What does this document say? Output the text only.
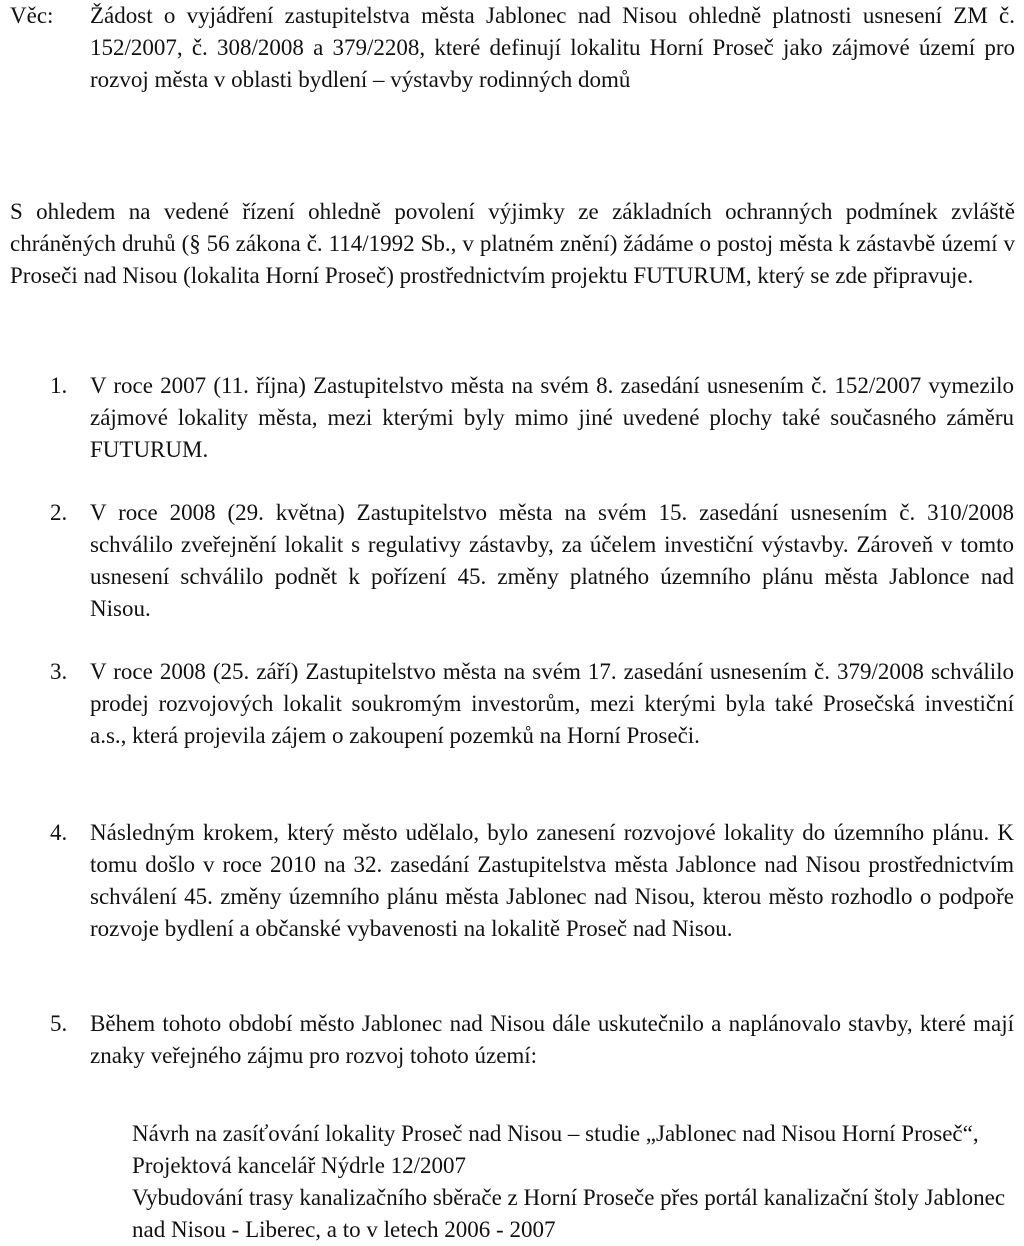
Věc:	Žádost o vyjádření zastupitelstva města Jablonec nad Nisou ohledně platnosti usnesení ZM č. 152/2007, č. 308/2008 a 379/2208, které definují lokalitu Horní Proseč jako zájmové území pro rozvoj města v oblasti bydlení – výstavby rodinných domů
S ohledem na vedené řízení ohledně povolení výjimky ze základních ochranných podmínek zvláště chráněných druhů (§ 56 zákona č. 114/1992 Sb., v platném znění) žádáme o postoj města k zástavbě území v Proseči nad Nisou (lokalita Horní Proseč) prostřednictvím projektu FUTURUM, který se zde připravuje.
1. V roce 2007 (11. října) Zastupitelstvo města na svém 8. zasedání usnesením č. 152/2007 vymezilo zájmové lokality města, mezi kterými byly mimo jiné uvedené plochy také současného záměru FUTURUM.
2. V roce 2008 (29. května) Zastupitelstvo města na svém 15. zasedání usnesením č. 310/2008 schválilo zveřejnění lokalit s regulativy zástavby, za účelem investiční výstavby. Zároveň v tomto usnesení schválilo podnět k pořízení 45. změny platného územního plánu města Jablonce nad Nisou.
3. V roce 2008 (25. září) Zastupitelstvo města na svém 17. zasedání usnesením č. 379/2008 schválilo prodej rozvojových lokalit soukromým investorům, mezi kterými byla také Prosečská investiční a.s., která projevila zájem o zakoupení pozemků na Horní Proseči.
4. Následným krokem, který město udělalo, bylo zanesení rozvojové lokality do územního plánu. K tomu došlo v roce 2010 na 32. zasedání Zastupitelstva města Jablonce nad Nisou prostřednictvím schválení 45. změny územního plánu města Jablonec nad Nisou, kterou město rozhodlo o podpoře rozvoje bydlení a občanské vybavenosti na lokalitě Proseč nad Nisou.
5. Během tohoto období město Jablonec nad Nisou dále uskutečnilo a naplánovalo stavby, které mají znaky veřejného zájmu pro rozvoj tohoto území:

Návrh na zasíťování lokality Proseč nad Nisou – studie „Jablonec nad Nisou Horní Proseč“, Projektová kancelář Nýdrle 12/2007

Vybudování trasy kanalizačního sběrače z Horní Proseče přes portál kanalizační štoly Jablonec nad Nisou - Liberec, a to v letech 2006 - 2007
